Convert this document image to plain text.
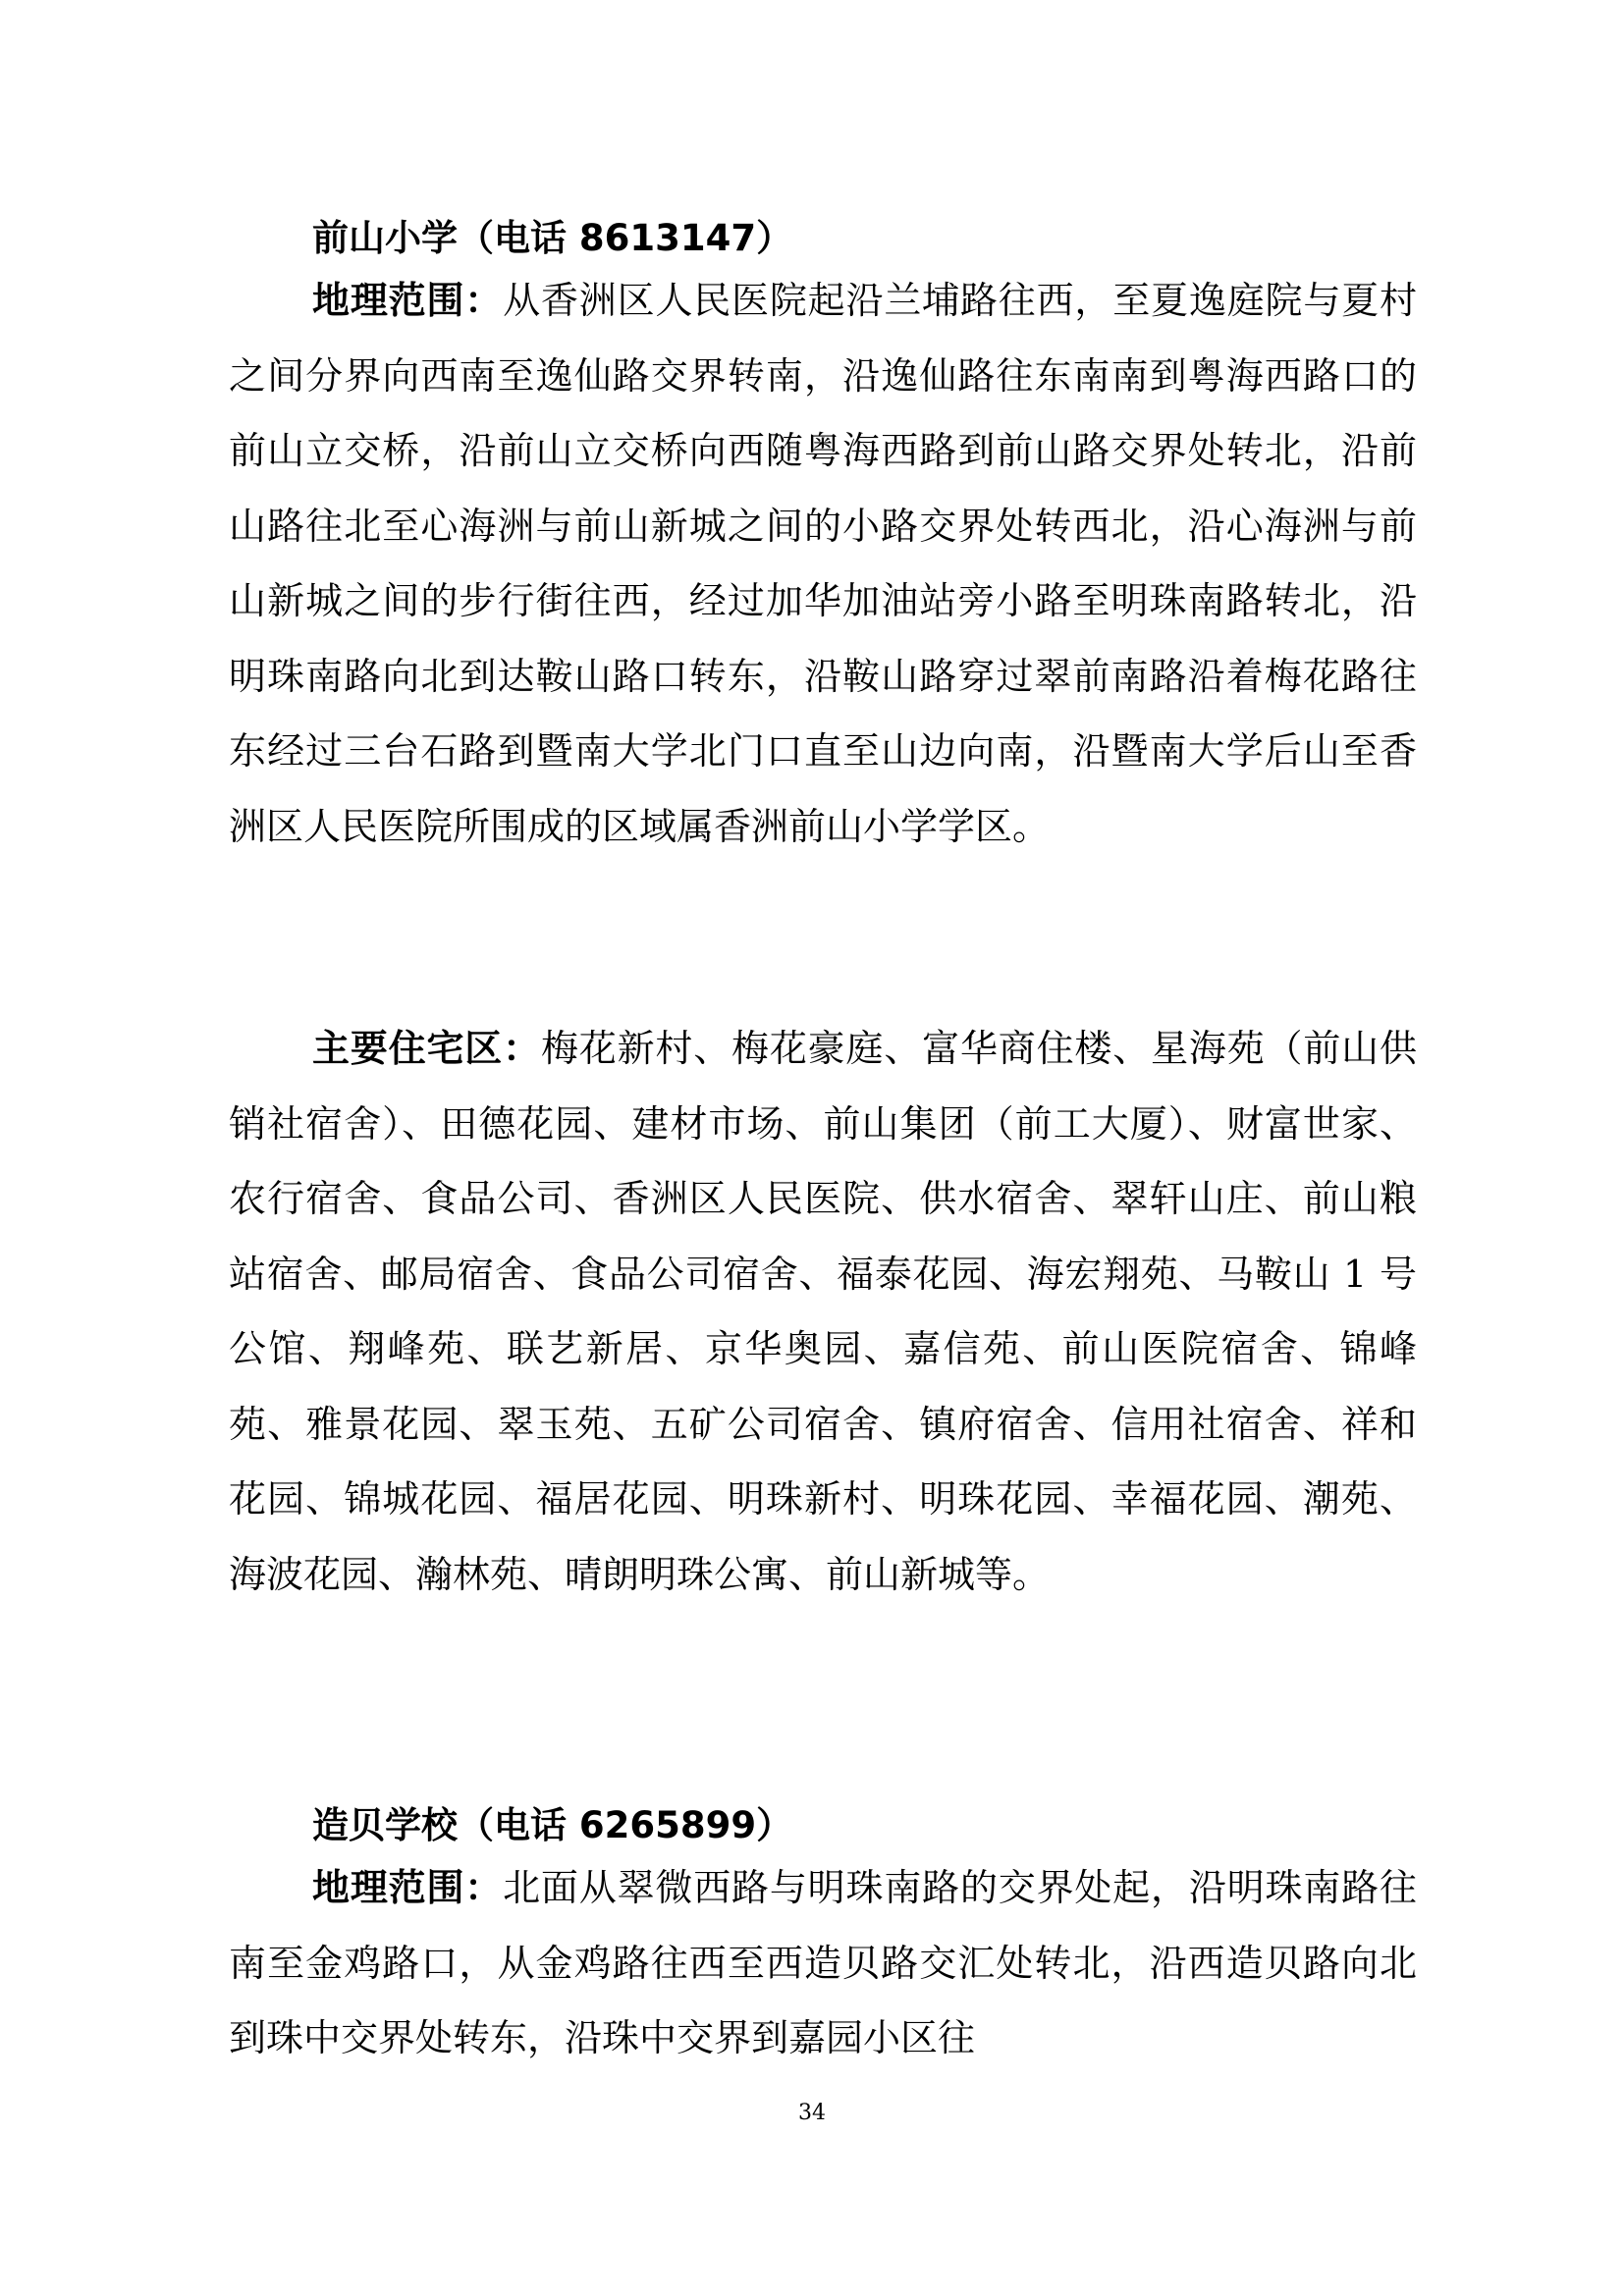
前山小学（电话 8613147）

地理范围：从香洲区人民医院起沿兰埔路往西，至夏逸庭院与夏村之间分界向西南至逸仙路交界转南，沿逸仙路往东南南到粤海西路口的前山立交桥，沿前山立交桥向西随粤海西路到前山路交界处转北，沿前山路往北至心海洲与前山新城之间的小路交界处转西北，沿心海洲与前山新城之间的步行街往西，经过加华加油站旁小路至明珠南路转北，沿明珠南路向北到达鞍山路口转东，沿鞍山路穿过翠前南路沿着梅花路往东经过三台石路到暨南大学北门口直至山边向南，沿暨南大学后山至香洲区人民医院所围成的区域属香洲前山小学学区。

主要住宅区：梅花新村、梅花豪庭、富华商住楼、星海苑（前山供销社宿舍）、田德花园、建材市场、前山集团（前工大厦）、财富世家、农行宿舍、食品公司、香洲区人民医院、供水宿舍、翠轩山庄、前山粮站宿舍、邮局宿舍、食品公司宿舍、福泰花园、海宏翔苑、马鞍山 1 号公馆、翔峰苑、联艺新居、京华奥园、嘉信苑、前山医院宿舍、锦峰苑、雅景花园、翠玉苑、五矿公司宿舍、镇府宿舍、信用社宿舍、祥和花园、锦城花园、福居花园、明珠新村、明珠花园、幸福花园、潮苑、海波花园、瀚林苑、晴朗明珠公寓、前山新城等。

造贝学校（电话 6265899）

地理范围：北面从翠微西路与明珠南路的交界处起，沿明珠南路往南至金鸡路口，从金鸡路往西至西造贝路交汇处转北，沿西造贝路向北到珠中交界处转东，沿珠中交界到嘉园小区往

34
